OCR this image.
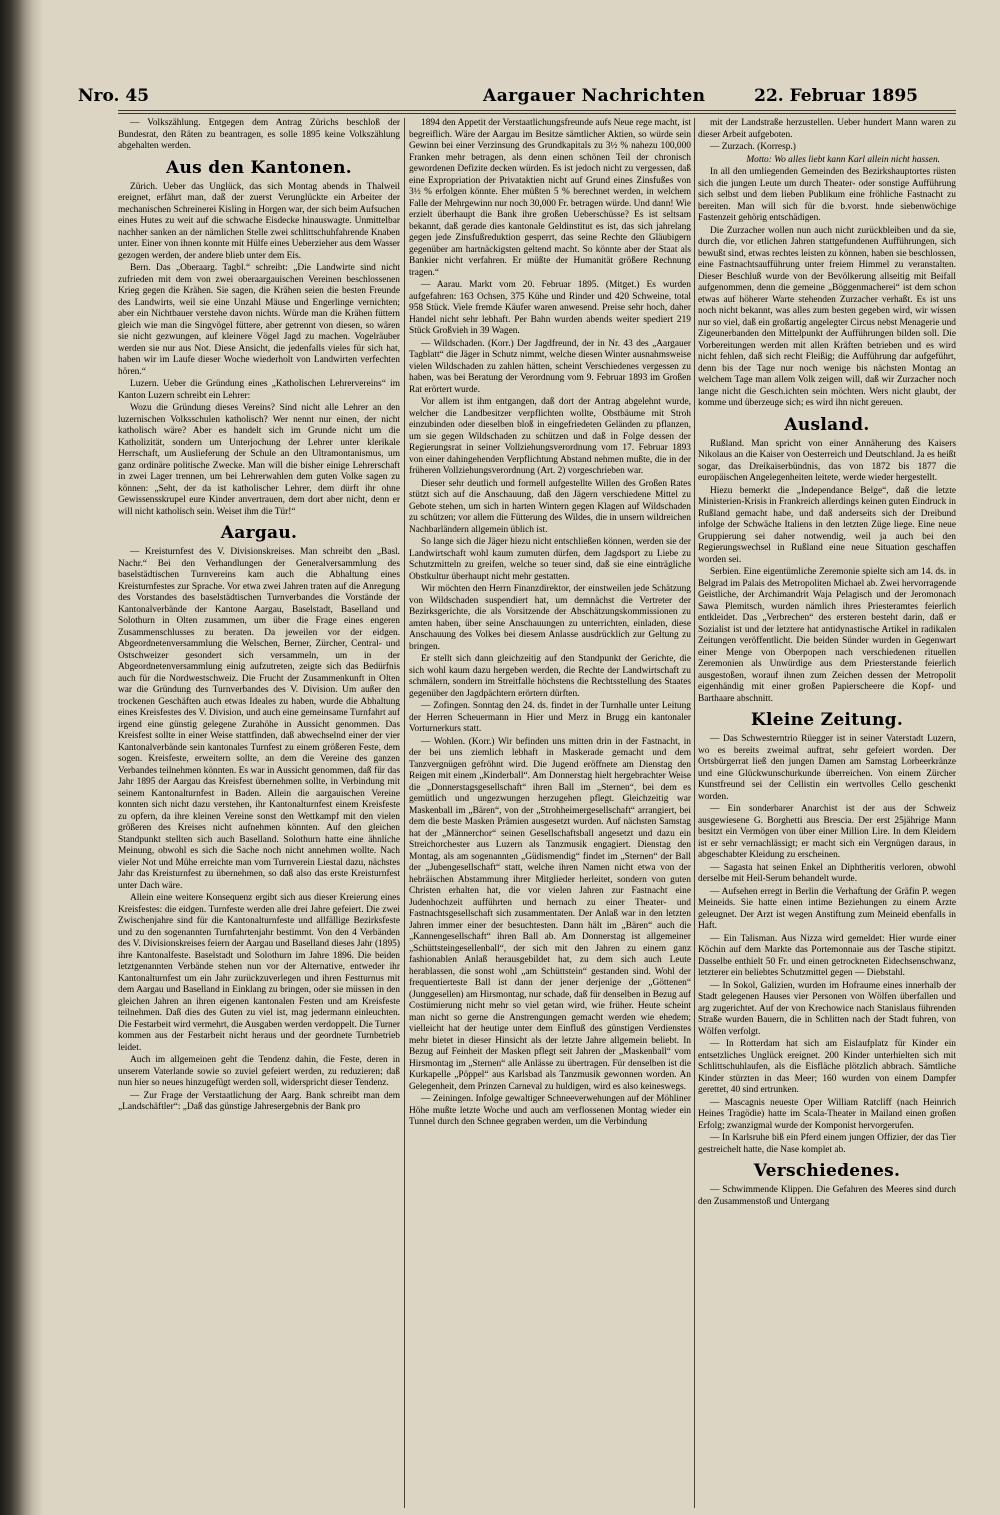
Nro. 45	Aargauer Nachrichten	22. Februar 1895

— Volkszählung. Entgegen dem Antrag Zürichs beschloß der Bundesrat, den Räten zu beantragen, es solle 1895 keine Volkszählung abgehalten werden.

Aus den Kantonen.

Zürich. Ueber das Unglück, das sich Montag abends in Thalweil ereignet, erfährt man, daß der zuerst Verunglückte ein Arbeiter der mechanischen Schreinerei Kisling in Horgen war, der sich beim Aufsuchen eines Hutes zu weit auf die schwache Eisdecke hinauswagte. Unmittelbar nachher sanken an der nämlichen Stelle zwei schlittschuhfahrende Knaben unter. Einer von ihnen konnte mit Hülfe eines Ueberzieher aus dem Wasser gezogen werden, der andere blieb unter dem Eis.

Bern. Das „Oberaarg. Tagbl.“ schreibt: „Die Landwirte sind nicht zufrieden mit dem von zwei oberaargauischen Vereinen beschlossenen Krieg gegen die Krähen. Sie sagen, die Krähen seien die besten Freunde des Landwirts, weil sie eine Unzahl Mäuse und Engerlinge vernichten; aber ein Nichtbauer verstehe davon nichts. Würde man die Krähen füttern gleich wie man die Singvögel füttere, aber getrennt von diesen, so wären sie nicht gezwungen, auf kleinere Vögel Jagd zu machen. Vogelräuber werden sie nur aus Not. Diese Ansicht, die jedenfalls vieles für sich hat, haben wir im Laufe dieser Woche wiederholt von Landwirten verfechten hören.“

Luzern. Ueber die Gründung eines „Katholischen Lehrervereins“ im Kanton Luzern schreibt ein Lehrer:

Wozu die Gründung dieses Vereins? Sind nicht alle Lehrer an den luzernischen Volksschulen katholisch? Wer nennt nur einen, der nicht katholisch wäre? Aber es handelt sich im Grunde nicht um die Katholizität, sondern um Unterjochung der Lehrer unter klerikale Herrschaft, um Auslieferung der Schule an den Ultramontanismus, um ganz ordinäre politische Zwecke. Man will die bisher einige Lehrerschaft in zwei Lager trennen, um bei Lehrerwahlen dem guten Volke sagen zu können: „Seht, der da ist katholischer Lehrer, dem dürft ihr ohne Gewissensskrupel eure Kinder anvertrauen, dem dort aber nicht, denn er will nicht katholisch sein. Weiset ihm die Tür!“

Aargau.

— Kreisturnfest des V. Divisionskreises. Man schreibt den „Basl. Nachr.“ Bei den Verhandlungen der Generalversammlung des baselstädtischen Turnvereins kam auch die Abhaltung eines Kreisturnfestes zur Sprache. Vor etwa zwei Jahren traten auf die Anregung des Vorstandes des baselstädtischen Turnverbandes die Vorstände der Kantonalverbände der Kantone Aargau, Baselstadt, Baselland und Solothurn in Olten zusammen, um über die Frage eines engeren Zusammenschlusses zu beraten. Da jeweilen vor der eidgen. Abgeordnetenversammlung die Welschen, Berner, Zürcher, Central- und Ostschweizer gesondert sich versammeln, um in der Abgeordnetenversammlung einig aufzutreten, zeigte sich das Bedürfnis auch für die Nordwestschweiz. Die Frucht der Zusammenkunft in Olten war die Gründung des Turnverbandes des V. Division. Um außer den trockenen Geschäften auch etwas Ideales zu haben, wurde die Abhaltung eines Kreisfestes des V. Division, und auch eine gemeinsame Turnfahrt auf irgend eine günstig gelegene Zurahöhe in Aussicht genommen. Das Kreisfest sollte in einer Weise stattfinden, daß abwechselnd einer der vier Kantonalverbände sein kantonales Turnfest zu einem größeren Feste, dem sogen. Kreisfeste, erweitern sollte, an dem die Vereine des ganzen Verbandes teilnehmen könnten. Es war in Aussicht genommen, daß für das Jahr 1895 der Aargau das Kreisfest übernehmen sollte, in Verbindung mit seinem Kantonalturnfest in Baden. Allein die aargauischen Vereine konnten sich nicht dazu verstehen, ihr Kantonalturnfest einem Kreisfeste zu opfern, da ihre kleinen Vereine sonst den Wettkampf mit den vielen größeren des Kreises nicht aufnehmen könnten. Auf den gleichen Standpunkt stellten sich auch Baselland. Solothurn hatte eine ähnliche Meinung, obwohl es sich die Sache noch nicht annehmen wollte. Nach vieler Not und Mühe erreichte man vom Turnverein Liestal dazu, nächstes Jahr das Kreisturnfest zu übernehmen, so daß also das erste Kreisturnfest unter Dach wäre.

Allein eine weitere Konsequenz ergibt sich aus dieser Kreierung eines Kreisfestes: die eidgen. Turnfeste werden alle drei Jahre gefeiert. Die zwei Zwischenjahre sind für die Kantonalturnfeste und allfällige Bezirksfeste und zu den sogenannten Turnfahrtenjahr bestimmt. Von den 4 Verbänden des V. Divisionskreises feiern der Aargau und Baselland dieses Jahr (1895) ihre Kantonalfeste. Baselstadt und Solothurn im Jahre 1896. Die beiden letztgenannten Verbände stehen nun vor der Alternative, entweder ihr Kantonalturnfest um ein Jahr zurückzuverlegen und ihren Festturnus mit dem Aargau und Baselland in Einklang zu bringen, oder sie müssen in den gleichen Jahren an ihren eigenen kantonalen Festen und am Kreisfeste teilnehmen. Daß dies des Guten zu viel ist, mag jedermann einleuchten. Die Festarbeit wird vermehrt, die Ausgaben werden verdoppelt. Die Turner kommen aus der Festarbeit nicht heraus und der geordnete Turnbetrieb leidet.

Auch im allgemeinen geht die Tendenz dahin, die Feste, deren in unserem Vaterlande sowie so zuviel gefeiert werden, zu reduzieren; daß nun hier so neues hinzugefügt werden soll, widerspricht dieser Tendenz.

— Zur Frage der Verstaatlichung der Aarg. Bank schreibt man dem „Landschäftler“: „Daß das günstige Jahresergebnis der Bank pro

1894 den Appetit der Verstaatlichungsfreunde aufs Neue rege macht, ist begreiflich. Wäre der Aargau im Besitze sämtlicher Aktien, so würde sein Gewinn bei einer Verzinsung des Grundkapitals zu 3½ % nahezu 100,000 Franken mehr betragen, als denn einen schönen Teil der chronisch gewordenen Defizite decken würden. Es ist jedoch nicht zu vergessen, daß eine Expropriation der Privataktien nicht auf Grund eines Zinsfußes von 3½ % erfolgen könnte. Eher müßten 5 % berechnet werden, in welchem Falle der Mehrgewinn nur noch 30,000 Fr. betragen würde. Und dann! Wie erzielt überhaupt die Bank ihre großen Ueberschüsse? Es ist seltsam bekannt, daß gerade dies kantonale Geldinstitut es ist, das sich jahrelang gegen jede Zinsfußreduktion gesperrt, das seine Rechte den Gläubigern gegenüber am hartnäckigsten geltend macht. So könnte aber der Staat als Bankier nicht verfahren. Er müßte der Humanität größere Rechnung tragen.“

— Aarau. Markt vom 20. Februar 1895. (Mitget.) Es wurden aufgefahren: 163 Ochsen, 375 Kühe und Rinder und 420 Schweine, total 958 Stück. Viele fremde Käufer waren anwesend. Preise sehr hoch, daher Handel nicht sehr lebhaft. Per Bahn wurden abends weiter spediert 219 Stück Großvieh in 39 Wagen.

— Wildschaden. (Korr.) Der Jagdfreund, der in Nr. 43 des „Aargauer Tagblatt“ die Jäger in Schutz nimmt, welche diesen Winter ausnahmsweise vielen Wildschaden zu zahlen hätten, scheint Verschiedenes vergessen zu haben, was bei Beratung der Verordnung vom 9. Februar 1893 im Großen Rat erörtert wurde.

Vor allem ist ihm entgangen, daß dort der Antrag abgelehnt wurde, welcher die Landbesitzer verpflichten wollte, Obstbäume mit Stroh einzubinden oder dieselben bloß in eingefriedeten Geländen zu pflanzen, um sie gegen Wildschaden zu schützen und daß in Folge dessen der Regierungsrat in seiner Vollziehungsverordnung vom 17. Februar 1893 von einer dahingehenden Verpflichtung Abstand nehmen mußte, die in der früheren Vollziehungsverordnung (Art. 2) vorgeschrieben war.

Dieser sehr deutlich und formell aufgestellte Willen des Großen Rates stützt sich auf die Anschauung, daß den Jägern verschiedene Mittel zu Gebote stehen, um sich in harten Wintern gegen Klagen auf Wildschaden zu schützen; vor allem die Fütterung des Wildes, die in unsern wildreichen Nachbarländern allgemein üblich ist.

So lange sich die Jäger hiezu nicht entschließen können, werden sie der Landwirtschaft wohl kaum zumuten dürfen, dem Jagdsport zu Liebe zu Schutzmitteln zu greifen, welche so teuer sind, daß sie eine einträgliche Obstkultur überhaupt nicht mehr gestatten.

Wir möchten den Herrn Finanzdirektor, der einstweilen jede Schätzung von Wildschaden suspendiert hat, um demnächst die Vertreter der Bezirksgerichte, die als Vorsitzende der Abschätzungskommissionen zu amten haben, über seine Anschauungen zu unterrichten, einladen, diese Anschauung des Volkes bei diesem Anlasse ausdrücklich zur Geltung zu bringen.

Er stellt sich dann gleichzeitig auf den Standpunkt der Gerichte, die sich wohl kaum dazu hergeben werden, die Rechte der Landwirtschaft zu schmälern, sondern im Streitfalle höchstens die Rechtsstellung des Staates gegenüber den Jagdpächtern erörtern dürften.

— Zofingen. Sonntag den 24. ds. findet in der Turnhalle unter Leitung der Herren Scheuermann in Hier und Merz in Brugg ein kantonaler Vorturnerkurs statt.

— Wohlen. (Korr.) Wir befinden uns mitten drin in der Fastnacht, in der bei uns ziemlich lebhaft in Maskerade gemacht und dem Tanzvergnügen gefröhnt wird. Die Jugend eröffnete am Dienstag den Reigen mit einem „Kinderball“. Am Donnerstag hielt hergebrachter Weise die „Donnerstagsgesellschaft“ ihren Ball im „Sternen“, bei dem es gemütlich und ungezwungen herzugehen pflegt. Gleichzeitig war Maskenball im „Bären“, von der „Strohheimergesellschaft“ arrangiert, bei dem die beste Masken Prämien ausgesetzt wurden. Auf nächsten Samstag hat der „Männerchor“ seinen Gesellschaftsball angesetzt und dazu ein Streichorchester aus Luzern als Tanzmusik engagiert. Dienstag den Montag, als am sogenannten „Güdismendig“ findet im „Sternen“ der Ball der „Jubengesellschaft“ statt, welche ihren Namen nicht etwa von der hebräischen Abstammung ihrer Mitglieder herleitet, sondern von guten Christen erhalten hat, die vor vielen Jahren zur Fastnacht eine Judenhochzeit aufführten und hernach zu einer Theater- und Fastnachtsgesellschaft sich zusammentaten. Der Anlaß war in den letzten Jahren immer einer der besuchtesten. Dann hält im „Bären“ auch die „Kannengesellschaft“ ihren Ball ab. Am Donnerstag ist allgemeiner „Schüttsteingesellenball“, der sich mit den Jahren zu einem ganz fashionablen Anlaß herausgebildet hat, zu dem sich auch Leute herablassen, die sonst wohl „am Schüttstein“ gestanden sind. Wohl der frequentierteste Ball ist dann der jener derjenige der „Göttenen“ (Junggesellen) am Hirsmontag, nur schade, daß für denselben in Bezug auf Costümierung nicht mehr so viel getan wird, wie früher. Heute scheint man nicht so gerne die Anstrengungen gemacht werden wie ehedem; vielleicht hat der heutige unter dem Einfluß des günstigen Verdienstes mehr bietet in dieser Hinsicht als der letzte Jahre allgemein beliebt. In Bezug auf Feinheit der Masken pflegt seit Jahren der „Maskenball“ vom Hirsmontag im „Sternen“ alle Anlässe zu übertragen. Für denselben ist die Kurkapelle „Pöppel“ aus Karlsbad als Tanzmusik gewonnen worden. An Gelegenheit, dem Prinzen Carneval zu huldigen, wird es also keineswegs.

— Zeiningen. Infolge gewaltiger Schneeverwehungen auf der Möhliner Höhe mußte letzte Woche und auch am verflossenen Montag wieder ein Tunnel durch den Schnee gegraben werden, um die Verbindung

mit der Landstraße herzustellen. Ueber hundert Mann waren zu dieser Arbeit aufgeboten.

— Zurzach. (Korresp.)

Motto: Wo alles liebt kann Karl allein nicht hassen.

In all den umliegenden Gemeinden des Bezirkshauptortes rüsten sich die jungen Leute um durch Theater- oder sonstige Aufführung sich selbst und dem lieben Publikum eine fröhliche Fastnacht zu bereiten. Man will sich für die b.vorst. hnde siebenwöchige Fastenzeit gehörig entschädigen.

Die Zurzacher wollen nun auch nicht zurückbleiben und da sie, durch die, vor etlichen Jahren stattgefundenen Aufführungen, sich bewußt sind, etwas rechtes leisten zu können, haben sie beschlossen, eine Fastnachtsaufführung unter freiem Himmel zu veranstalten. Dieser Beschluß wurde von der Bevölkerung allseitig mit Beifall aufgenommen, denn die gemeine „Böggenmacherei“ ist dem schon etwas auf höherer Warte stehenden Zurzacher verhaßt. Es ist uns noch nicht bekannt, was alles zum besten gegeben wird, wir wissen nur so viel, daß ein großartig angelegter Circus nebst Menagerie und Zigeunerbanden den Mittelpunkt der Aufführungen bilden soll. Die Vorbereitungen werden mit allen Kräften betrieben und es wird nicht fehlen, daß sich recht Fleißig; die Aufführung dar aufgeführt, denn bis der Tage nur noch wenige bis nächsten Montag an welchem Tage man allem Volk zeigen will, daß wir Zurzacher noch lange nicht die Gesch.ichten sein möchten. Wers nicht glaubt, der komme und überzeuge sich; es wird ihn nicht gereuen.

Ausland.

Rußland. Man spricht von einer Annäherung des Kaisers Nikolaus an die Kaiser von Oesterreich und Deutschland. Ja es heißt sogar, das Dreikaiserbündnis, das von 1872 bis 1877 die europäischen Angelegenheiten leitete, werde wieder hergestellt.

Hiezu bemerkt die „Independance Belge“, daß die letzte Ministerien-Krisis in Frankreich allerdings keinen guten Eindruck in Rußland gemacht habe, und daß anderseits sich der Dreibund infolge der Schwäche Italiens in den letzten Züge liege. Eine neue Gruppierung sei daher notwendig, weil ja auch bei den Regierungswechsel in Rußland eine neue Situation geschaffen worden sei.

Serbien. Eine eigentümliche Zeremonie spielte sich am 14. ds. in Belgrad im Palais des Metropoliten Michael ab. Zwei hervorragende Geistliche, der Archimandrit Waja Pelagisch und der Jeromonach Sawa Plemitsch, wurden nämlich ihres Priesteramtes feierlich entkleidet. Das „Verbrechen“ des ersteren besteht darin, daß er Sozialist ist und der letztere hat antidynastische Artikel in radikalen Zeitungen veröffentlicht. Die beiden Sünder wurden in Gegenwart einer Menge von Oberpopen nach verschiedenen rituellen Zeremonien als Unwürdige aus dem Priesterstande feierlich ausgestoßen, worauf ihnen zum Zeichen dessen der Metropolit eigenhändig mit einer großen Papierscheere die Kopf- und Barthaare abschnitt.

Kleine Zeitung.

— Das Schwesterntrio Rüegger ist in seiner Vaterstadt Luzern, wo es bereits zweimal auftrat, sehr gefeiert worden. Der Ortsbürgerrat ließ den jungen Damen am Samstag Lorbeerkränze und eine Glückwunschurkunde überreichen. Von einem Zürcher Kunstfreund sei der Cellistin ein wertvolles Cello geschenkt worden.

— Ein sonderbarer Anarchist ist der aus der Schweiz ausgewiesene G. Borghetti aus Brescia. Der erst 25jährige Mann besitzt ein Vermögen von über einer Million Lire. In dem Kleidern ist er sehr vernachlässigt; er macht sich ein Vergnügen daraus, in abgeschabter Kleidung zu erscheinen.

— Sagasta hat seinen Enkel an Diphtheritis verloren, obwohl derselbe mit Heil-Serum behandelt wurde.

— Aufsehen erregt in Berlin die Verhaftung der Gräfin P. wegen Meineids. Sie hatte einen intime Beziehungen zu einem Arzte geleugnet. Der Arzt ist wegen Anstiftung zum Meineid ebenfalls in Haft.

— Ein Talisman. Aus Nizza wird gemeldet: Hier wurde einer Köchin auf dem Markte das Portemonnaie aus der Tasche stipitzt. Dasselbe enthielt 50 Fr. und einen getrockneten Eidechsenschwanz, letzterer ein beliebtes Schutzmittel gegen — Diebstahl.

— In Sokol, Galizien, wurden im Hofraume eines innerhalb der Stadt gelegenen Hauses vier Personen von Wölfen überfallen und arg zugerichtet. Auf der von Krechowice nach Stanislaus führenden Straße wurden Bauern, die in Schlitten nach der Stadt fuhren, von Wölfen verfolgt.

— In Rotterdam hat sich am Eislaufplatz für Kinder ein entsetzliches Unglück ereignet. 200 Kinder unterhielten sich mit Schlittschuhlaufen, als die Eisfläche plötzlich abbrach. Sämtliche Kinder stürzten in das Meer; 160 wurden von einem Dampfer gerettet, 40 sind ertrunken.

— Mascagnis neueste Oper William Ratcliff (nach Heinrich Heines Tragödie) hatte im Scala-Theater in Mailand einen großen Erfolg; zwanzigmal wurde der Komponist hervorgerufen.

— In Karlsruhe biß ein Pferd einem jungen Offizier, der das Tier gestreichelt hatte, die Nase komplet ab.

Verschiedenes.

— Schwimmende Klippen. Die Gefahren des Meeres sind durch den Zusammenstoß und Untergang
